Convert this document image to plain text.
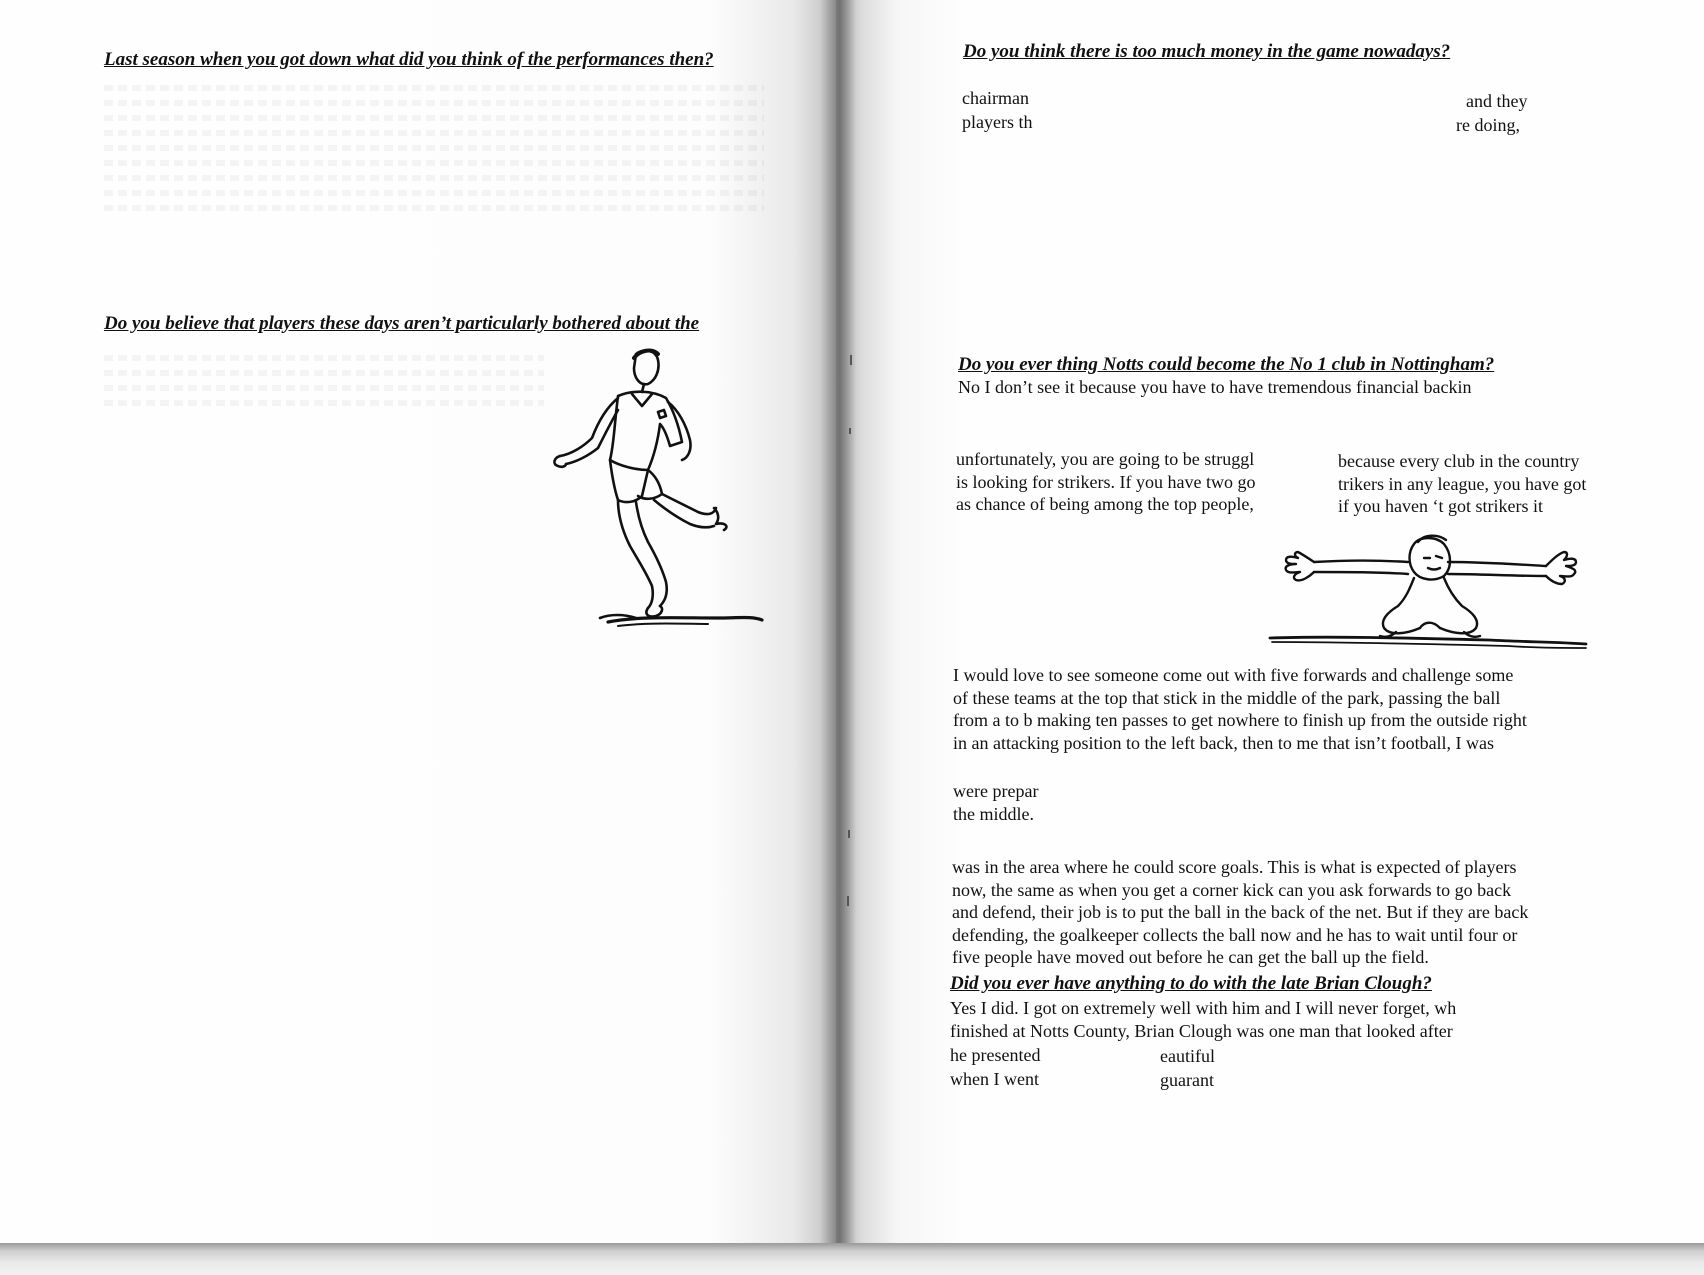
Last season when you got down what did you think of the performances then?
Do you believe that players these days aren’t particularly bothered about the
Do you think there is too much money in the game nowadays?
chairman
players th
and they
re doing,
Do you ever thing Notts could become the No 1 club in Nottingham?
No I don’t see it because you have to have tremendous financial backin
unfortunately, you are going to be struggl
is looking for strikers. If you have two go
as chance of being among the top people,
because every club in the country
trikers in any league, you have got
if you haven ‘t got strikers it
I would love to see someone come out with five forwards and challenge some
of these teams at the top that stick in the middle of the park, passing the ball
from a to b making ten passes to get nowhere to finish up from the outside right
in an attacking position to the left back, then to me that isn’t football, I was
were prepar
the middle.
was in the area where he could score goals. This is what is expected of players
now, the same as when you get a corner kick can you ask forwards to go back
and defend, their job is to put the ball in the back of the net. But if they are back
defending, the goalkeeper collects the ball now and he has to wait until four or
five people have moved out before he can get the ball up the field.
Did you ever have anything to do with the late Brian Clough?
Yes I did. I got on extremely well with him and I will never forget, wh
finished at Notts County, Brian Clough was one man that looked after
he presented
when I went
eautiful
guarant
